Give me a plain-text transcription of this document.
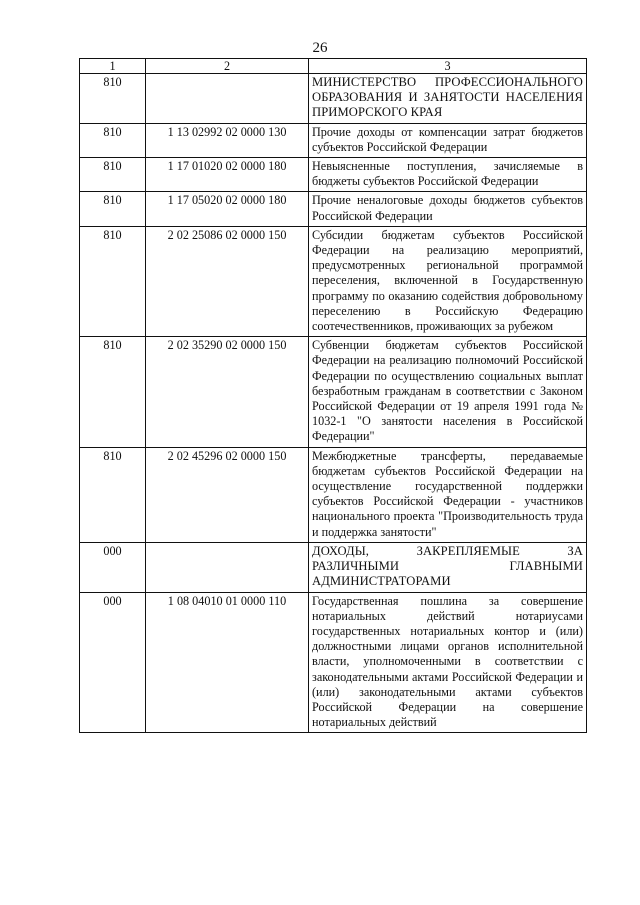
26
1	2	3
810		МИНИСТЕРСТВО ПРОФЕССИОНАЛЬНОГО ОБРАЗОВАНИЯ И ЗАНЯТОСТИ НАСЕЛЕНИЯ ПРИМОРСКОГО КРАЯ
810	1 13 02992 02 0000 130	Прочие доходы от компенсации затрат бюджетов субъектов Российской Федерации
810	1 17 01020 02 0000 180	Невыясненные поступления, зачисляемые в бюджеты субъектов Российской Федерации
810	1 17 05020 02 0000 180	Прочие неналоговые доходы бюджетов субъектов Российской Федерации
810	2 02 25086 02 0000 150	Субсидии бюджетам субъектов Российской Федерации на реализацию мероприятий, предусмотренных региональной программой переселения, включенной в Государственную программу по оказанию содействия добровольному переселению в Российскую Федерацию соотечественников, проживающих за рубежом
810	2 02 35290 02 0000 150	Субвенции бюджетам субъектов Российской Федерации на реализацию полномочий Российской Федерации по осуществлению социальных выплат безработным гражданам в соответствии с Законом Российской Федерации от 19 апреля 1991 года № 1032-1 "О занятости населения в Российской Федерации"
810	2 02 45296 02 0000 150	Межбюджетные трансферты, передаваемые бюджетам субъектов Российской Федерации на осуществление государственной поддержки субъектов Российской Федерации - участников национального проекта "Производительность труда и поддержка занятости"
000		ДОХОДЫ, ЗАКРЕПЛЯЕМЫЕ ЗА РАЗЛИЧНЫМИ ГЛАВНЫМИ АДМИНИСТРАТОРАМИ
000	1 08 04010 01 0000 110	Государственная пошлина за совершение нотариальных действий нотариусами государственных нотариальных контор и (или) должностными лицами органов исполнительной власти, уполномоченными в соответствии с законодательными актами Российской Федерации и (или) законодательными актами субъектов Российской Федерации на совершение нотариальных действий
